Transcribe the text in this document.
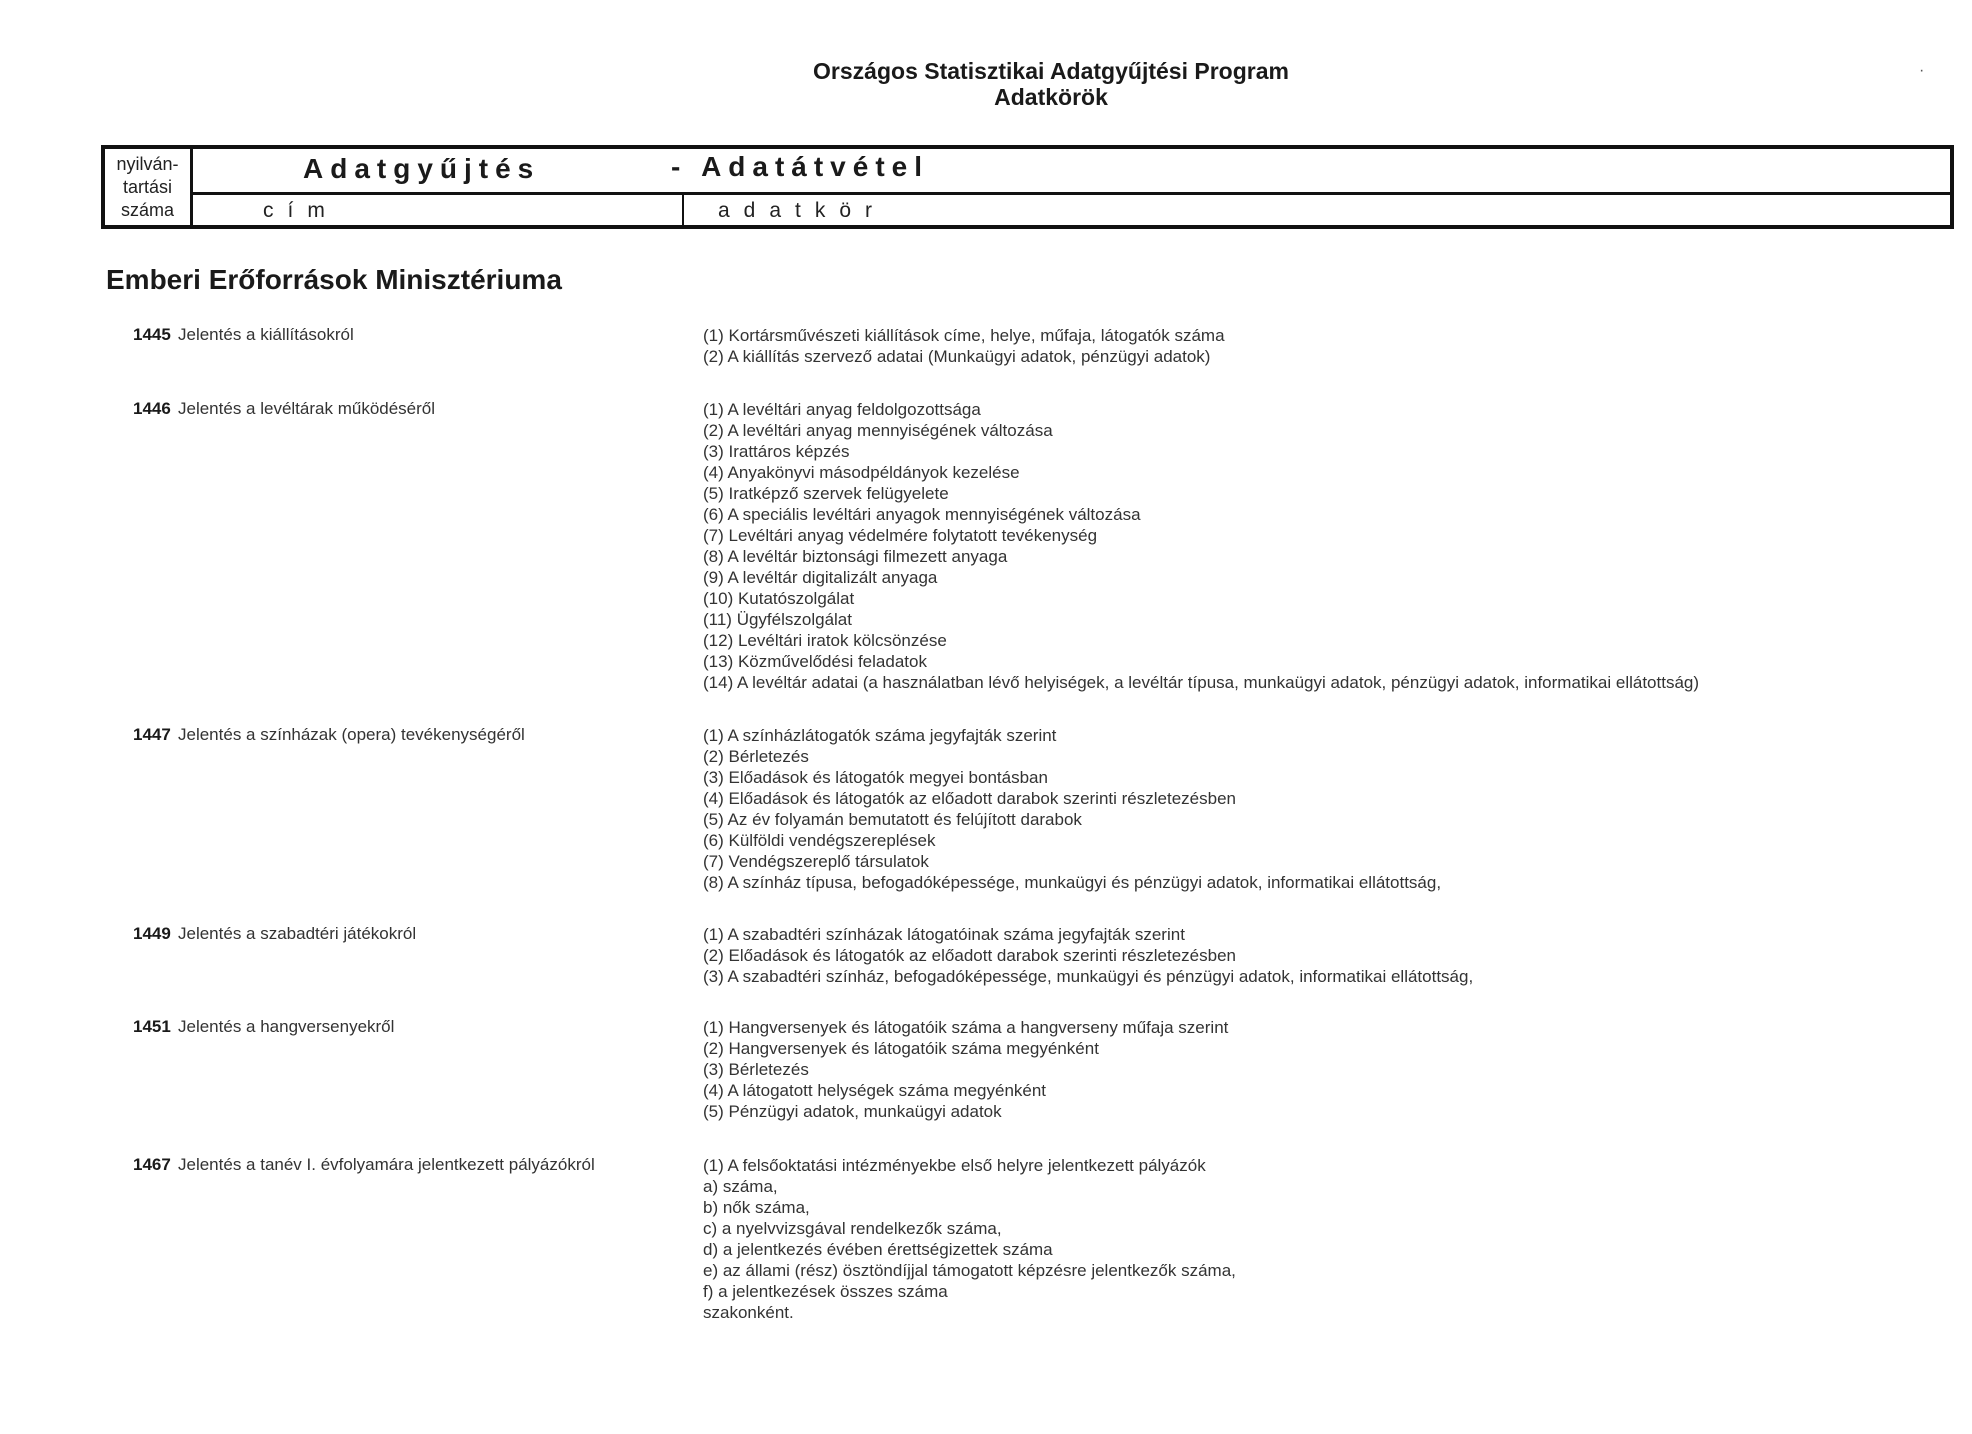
Országos Statisztikai Adatgyűjtési Program
Adatkörök
·
nyilván-
tartási
száma
Adatgyűjtés	- Adatátvétel
cím	adatkör
Emberi Erőforrások Minisztériuma
1445 Jelentés a kiállításokról	(1) Kortársművészeti kiállítások címe, helye, műfaja, látogatók száma
(2) A kiállítás szervező adatai (Munkaügyi adatok, pénzügyi adatok)
1446 Jelentés a levéltárak működéséről	(1) A levéltári anyag feldolgozottsága
(2) A levéltári anyag mennyiségének változása
(3) Irattáros képzés
(4) Anyakönyvi másodpéldányok kezelése
(5) Iratképző szervek felügyelete
(6) A speciális levéltári anyagok mennyiségének változása
(7) Levéltári anyag védelmére folytatott tevékenység
(8) A levéltár biztonsági filmezett anyaga
(9) A levéltár digitalizált anyaga
(10) Kutatószolgálat
(11) Ügyfélszolgálat
(12) Levéltári iratok kölcsönzése
(13) Közművelődési feladatok
(14) A levéltár adatai (a használatban lévő helyiségek, a levéltár típusa, munkaügyi adatok, pénzügyi adatok, informatikai ellátottság)
1447 Jelentés a színházak (opera) tevékenységéről	(1) A színházlátogatók száma jegyfajták szerint
(2) Bérletezés
(3) Előadások és látogatók megyei bontásban
(4) Előadások és látogatók az előadott darabok szerinti részletezésben
(5) Az év folyamán bemutatott és felújított darabok
(6) Külföldi vendégszereplések
(7) Vendégszereplő társulatok
(8) A színház típusa, befogadóképessége, munkaügyi és pénzügyi adatok, informatikai ellátottság,
1449 Jelentés a szabadtéri játékokról	(1) A szabadtéri színházak látogatóinak száma jegyfajták szerint
(2) Előadások és látogatók az előadott darabok szerinti részletezésben
(3) A szabadtéri színház, befogadóképessége, munkaügyi és pénzügyi adatok, informatikai ellátottság,
1451 Jelentés a hangversenyekről	(1) Hangversenyek és látogatóik száma a hangverseny műfaja szerint
(2) Hangversenyek és látogatóik száma megyénként
(3) Bérletezés
(4) A látogatott helységek száma megyénként
(5) Pénzügyi adatok, munkaügyi adatok
1467 Jelentés a tanév I. évfolyamára jelentkezett pályázókról	(1) A felsőoktatási intézményekbe első helyre jelentkezett pályázók
a) száma,
b) nők száma,
c) a nyelvvizsgával rendelkezők száma,
d) a jelentkezés évében érettségizettek száma
e) az állami (rész) ösztöndíjjal támogatott képzésre jelentkezők száma,
f) a jelentkezések összes száma
szakonként.
